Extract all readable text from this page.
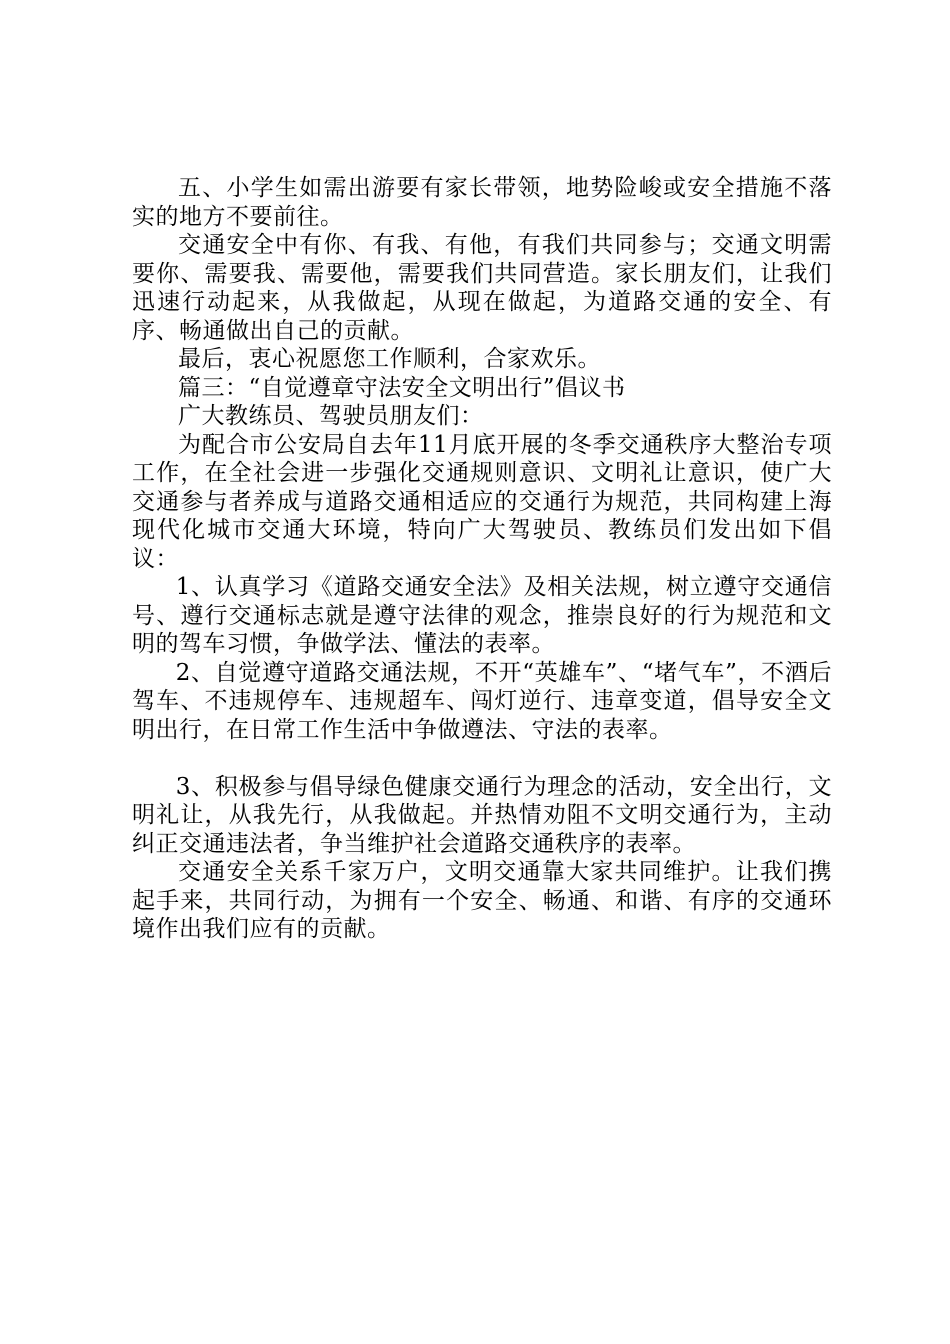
五、小学生如需出游要有家长带领，地势险峻或安全措施不落实的地方不要前往。

交通安全中有你、有我、有他，有我们共同参与；交通文明需要你、需要我、需要他，需要我们共同营造。家长朋友们，让我们迅速行动起来，从我做起，从现在做起，为道路交通的安全、有序、畅通做出自己的贡献。

最后，衷心祝愿您工作顺利，合家欢乐。

篇三：“自觉遵章守法安全文明出行”倡议书

广大教练员、驾驶员朋友们：

为配合市公安局自去年11月底开展的冬季交通秩序大整治专项工作，在全社会进一步强化交通规则意识、文明礼让意识，使广大交通参与者养成与道路交通相适应的交通行为规范，共同构建上海现代化城市交通大环境，特向广大驾驶员、教练员们发出如下倡议：

1、认真学习《道路交通安全法》及相关法规，树立遵守交通信号、遵行交通标志就是遵守法律的观念，推崇良好的行为规范和文明的驾车习惯，争做学法、懂法的表率。

2、自觉遵守道路交通法规，不开“英雄车”、“堵气车”，不酒后驾车、不违规停车、违规超车、闯灯逆行、违章变道，倡导安全文明出行，在日常工作生活中争做遵法、守法的表率。

3、积极参与倡导绿色健康交通行为理念的活动，安全出行，文明礼让，从我先行，从我做起。并热情劝阻不文明交通行为，主动纠正交通违法者，争当维护社会道路交通秩序的表率。

交通安全关系千家万户，文明交通靠大家共同维护。让我们携起手来，共同行动，为拥有一个安全、畅通、和谐、有序的交通环境作出我们应有的贡献。
